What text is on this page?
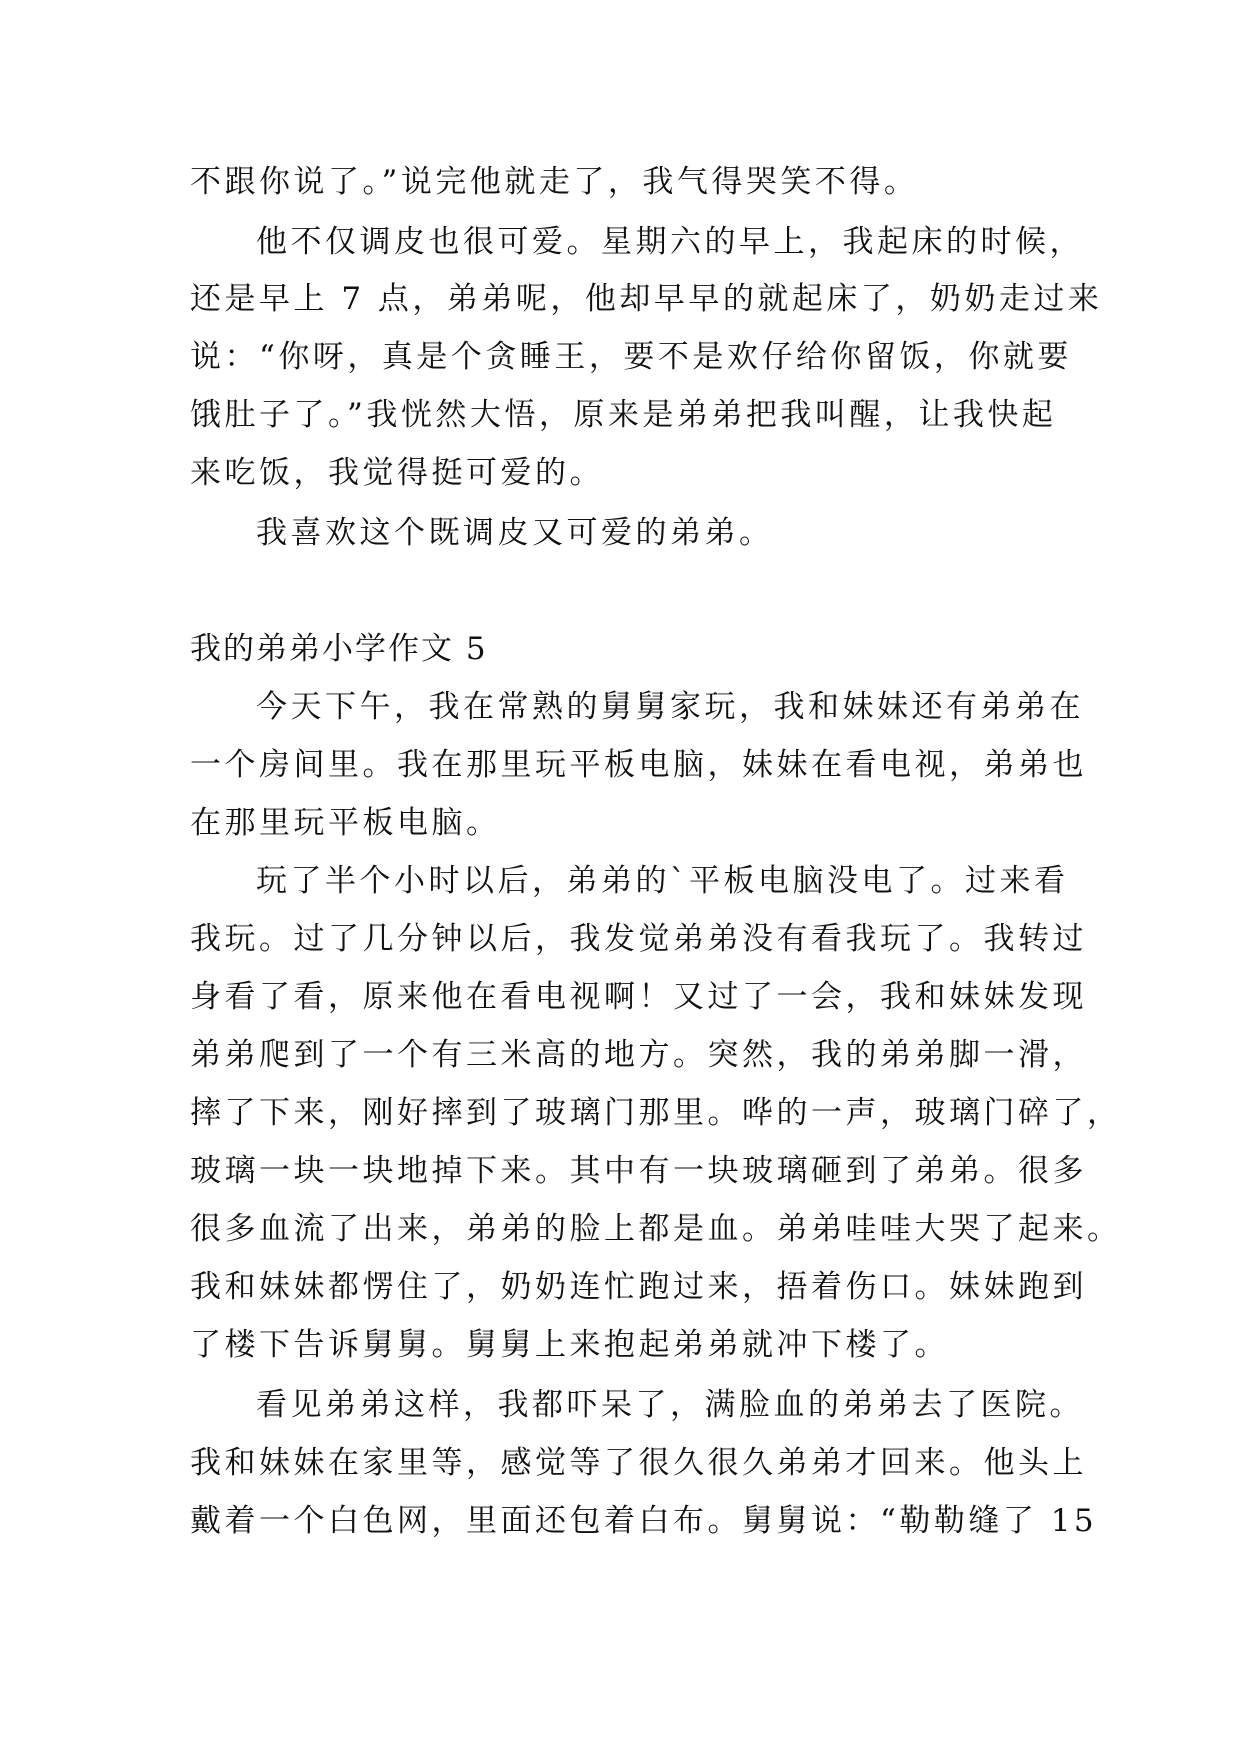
不跟你说了。”说完他就走了，我气得哭笑不得。
他不仅调皮也很可爱。星期六的早上，我起床的时候，
还是早上 7 点，弟弟呢，他却早早的就起床了，奶奶走过来
说：“你呀，真是个贪睡王，要不是欢仔给你留饭，你就要
饿肚子了。”我恍然大悟，原来是弟弟把我叫醒，让我快起
来吃饭，我觉得挺可爱的。
我喜欢这个既调皮又可爱的弟弟。
我的弟弟小学作文 5
今天下午，我在常熟的舅舅家玩，我和妹妹还有弟弟在
一个房间里。我在那里玩平板电脑，妹妹在看电视，弟弟也
在那里玩平板电脑。
玩了半个小时以后，弟弟的`平板电脑没电了。过来看
我玩。过了几分钟以后，我发觉弟弟没有看我玩了。我转过
身看了看，原来他在看电视啊！又过了一会，我和妹妹发现
弟弟爬到了一个有三米高的地方。突然，我的弟弟脚一滑，
摔了下来，刚好摔到了玻璃门那里。哗的一声，玻璃门碎了，
玻璃一块一块地掉下来。其中有一块玻璃砸到了弟弟。很多
很多血流了出来，弟弟的脸上都是血。弟弟哇哇大哭了起来。
我和妹妹都愣住了，奶奶连忙跑过来，捂着伤口。妹妹跑到
了楼下告诉舅舅。舅舅上来抱起弟弟就冲下楼了。
看见弟弟这样，我都吓呆了，满脸血的弟弟去了医院。
我和妹妹在家里等，感觉等了很久很久弟弟才回来。他头上
戴着一个白色网，里面还包着白布。舅舅说：“勒勒缝了 15
